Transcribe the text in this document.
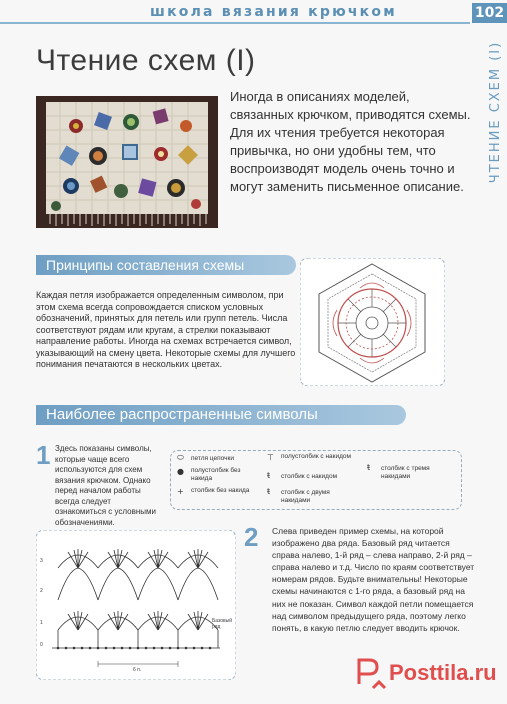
школа вязания крючком	102
ЧТЕНИЕ СХЕМ (I)
Чтение схем (I)
Иногда в описаниях моделей, связанных крючком, приводятся схемы. Для их чтения требуется некоторая привычка, но они удобны тем, что воспроизводят модель очень точно и могут заменить письменное описание.
Принципы составления схемы
Каждая петля изображается определенным символом, при этом схема всегда сопровождается списком условных обозначений, принятых для петель или групп петель. Числа соответствуют рядам или кругам, а стрелки показывают направление работы. Иногда на схемах встречается символ, указывающий на смену цвета. Некоторые схемы для лучшего понимания печатаются в нескольких цветах.
Наиболее распространенные символы
1 Здесь показаны символы, которые чаще всего используются для схем вязания крючком. Однако перед началом работы всегда следует ознакомиться с условными обозначениями.
⬭ петля цепочки
● полустолбик без накида
+ столбик без накида
⊤ полустолбик с накидом
ŧ столбик с накидом
ŧ столбик с двумя накидами
ŧ столбик с тремя накидами
3
2
1
0
Базовый ряд
6 п.
2 Слева приведен пример схемы, на которой изображено два ряда. Базовый ряд читается справа налево, 1-й ряд – слева направо, 2-й ряд – справа налево и т.д. Число по краям соответствует номерам рядов. Будьте внимательны! Некоторые схемы начинаются с 1-го ряда, а базовый ряд на них не показан. Символ каждой петли помещается над символом предыдущего ряда, поэтому легко понять, в какую петлю следует вводить крючок.
Posttila.ru
